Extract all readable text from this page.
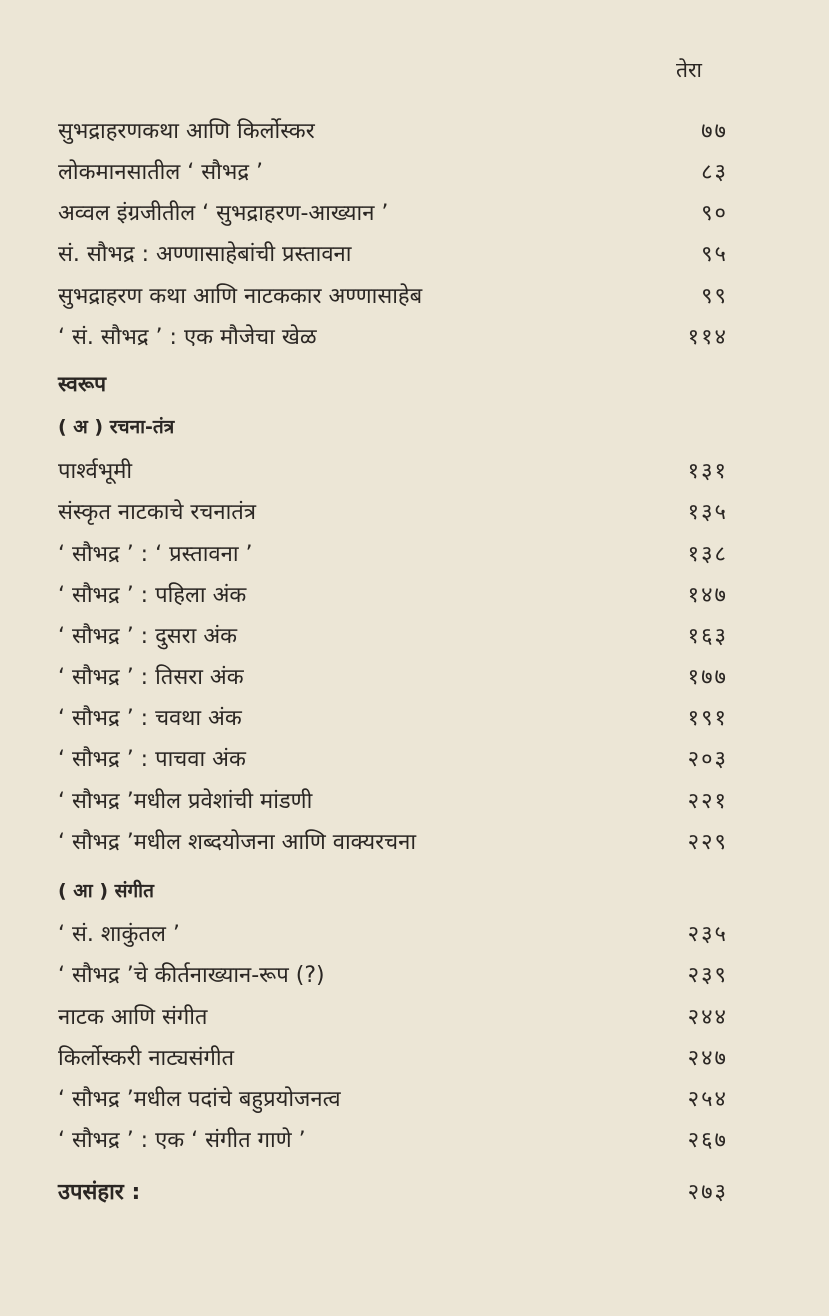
तेरा
सुभद्राहरणकथा आणि किर्लोस्कर	७७
लोकमानसातील ‘ सौभद्र ’	८३
अव्वल इंग्रजीतील ‘ सुभद्राहरण-आख्यान ’	९०
सं. सौभद्र : अण्णासाहेबांची प्रस्तावना	९५
सुभद्राहरण कथा आणि नाटककार अण्णासाहेब	९९
‘ सं. सौभद्र ’ : एक मौजेचा खेळ	११४
स्वरूप
( अ ) रचना-तंत्र
पार्श्वभूमी	१३१
संस्कृत नाटकाचे रचनातंत्र	१३५
‘ सौभद्र ’ : ‘ प्रस्तावना ’	१३८
‘ सौभद्र ’ : पहिला अंक	१४७
‘ सौभद्र ’ : दुसरा अंक	१६३
‘ सौभद्र ’ : तिसरा अंक	१७७
‘ सौभद्र ’ : चवथा अंक	१९१
‘ सौभद्र ’ : पाचवा अंक	२०३
‘ सौभद्र ’मधील प्रवेशांची मांडणी	२२१
‘ सौभद्र ’मधील शब्दयोजना आणि वाक्यरचना	२२९
( आ ) संगीत
‘ सं. शाकुंतल ’	२३५
‘ सौभद्र ’चे कीर्तनाख्यान-रूप (?)	२३९
नाटक आणि संगीत	२४४
किर्लोस्करी नाट्यसंगीत	२४७
‘ सौभद्र ’मधील पदांचे बहुप्रयोजनत्व	२५४
‘ सौभद्र ’ : एक ‘ संगीत गाणे ’	२६७
उपसंहार :	२७३
